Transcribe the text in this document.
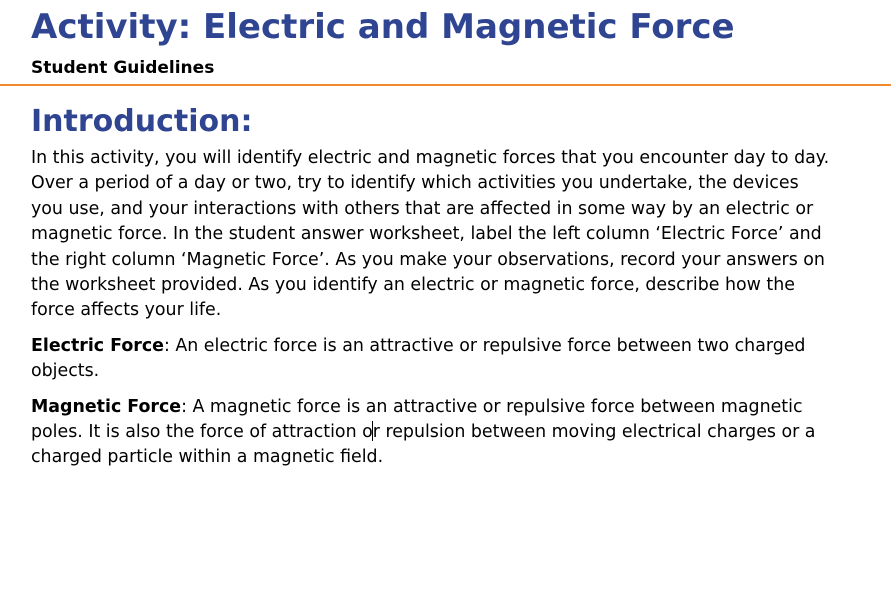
Activity: Electric and Magnetic Force
Student Guidelines
Introduction:

In this activity, you will identify electric and magnetic forces that you encounter day to day. Over a period of a day or two, try to identify which activities you undertake, the devices you use, and your interactions with others that are affected in some way by an electric or magnetic force. In the student answer worksheet, label the left column ‘Electric Force’ and the right column ‘Magnetic Force’. As you make your observations, record your answers on the worksheet provided. As you identify an electric or magnetic force, describe how the force affects your life.

Electric Force: An electric force is an attractive or repulsive force between two charged objects.

Magnetic Force: A magnetic force is an attractive or repulsive force between magnetic poles. It is also the force of attraction or repulsion between moving electrical charges or a charged particle within a magnetic field.
